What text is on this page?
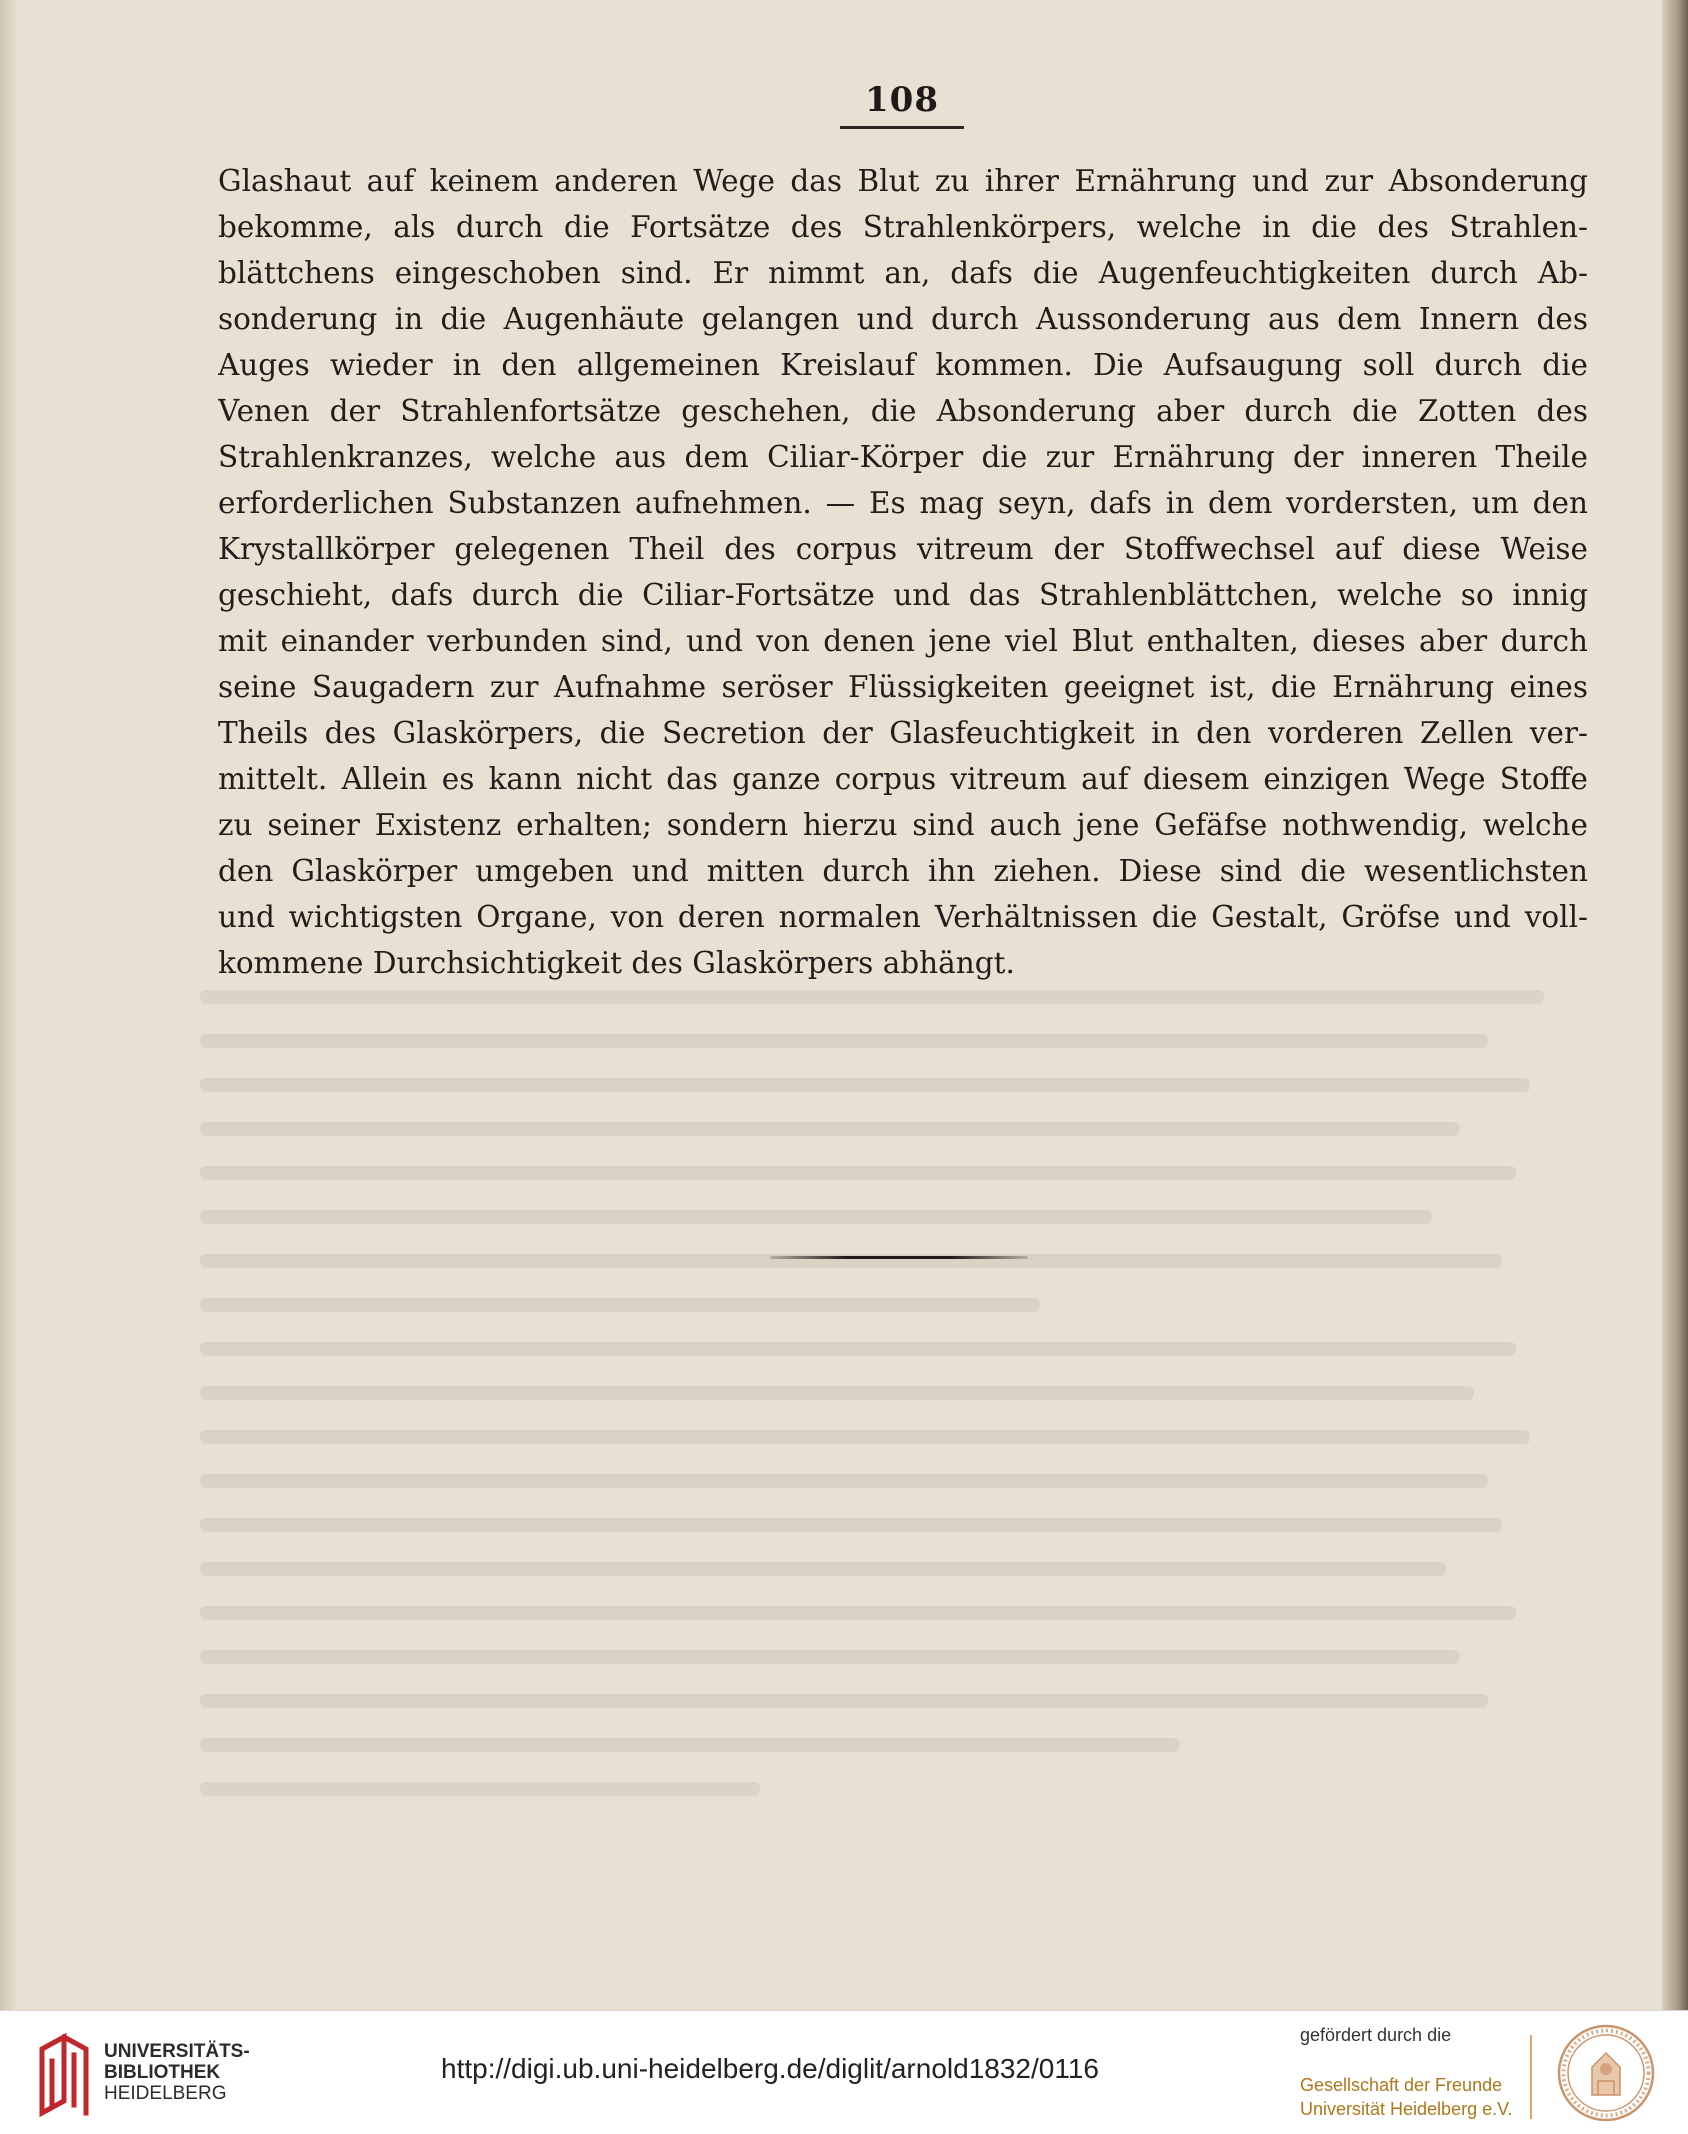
108
Glashaut auf keinem anderen Wege das Blut zu ihrer Ernährung und zur Absonderung
bekomme, als durch die Fortsätze des Strahlenkörpers, welche in die des Strahlen-
blättchens eingeschoben sind. Er nimmt an, dafs die Augenfeuchtigkeiten durch Ab-
sonderung in die Augenhäute gelangen und durch Aussonderung aus dem Innern des
Auges wieder in den allgemeinen Kreislauf kommen. Die Aufsaugung soll durch die
Venen der Strahlenfortsätze geschehen, die Absonderung aber durch die Zotten des
Strahlenkranzes, welche aus dem Ciliar-Körper die zur Ernährung der inneren Theile
erforderlichen Substanzen aufnehmen. — Es mag seyn, dafs in dem vordersten, um den
Krystallkörper gelegenen Theil des corpus vitreum der Stoffwechsel auf diese Weise
geschieht, dafs durch die Ciliar-Fortsätze und das Strahlenblättchen, welche so innig
mit einander verbunden sind, und von denen jene viel Blut enthalten, dieses aber durch
seine Saugadern zur Aufnahme seröser Flüssigkeiten geeignet ist, die Ernährung eines
Theils des Glaskörpers, die Secretion der Glasfeuchtigkeit in den vorderen Zellen ver-
mittelt. Allein es kann nicht das ganze corpus vitreum auf diesem einzigen Wege Stoffe
zu seiner Existenz erhalten; sondern hierzu sind auch jene Gefäfse nothwendig, welche
den Glaskörper umgeben und mitten durch ihn ziehen. Diese sind die wesentlichsten
und wichtigsten Organe, von deren normalen Verhältnissen die Gestalt, Gröfse und voll-
kommene Durchsichtigkeit des Glaskörpers abhängt.
UNIVERSITÄTS-
BIBLIOTHEK
HEIDELBERG
http://digi.ub.uni-heidelberg.de/diglit/arnold1832/0116
gefördert durch die
Gesellschaft der Freunde
Universität Heidelberg e.V.
